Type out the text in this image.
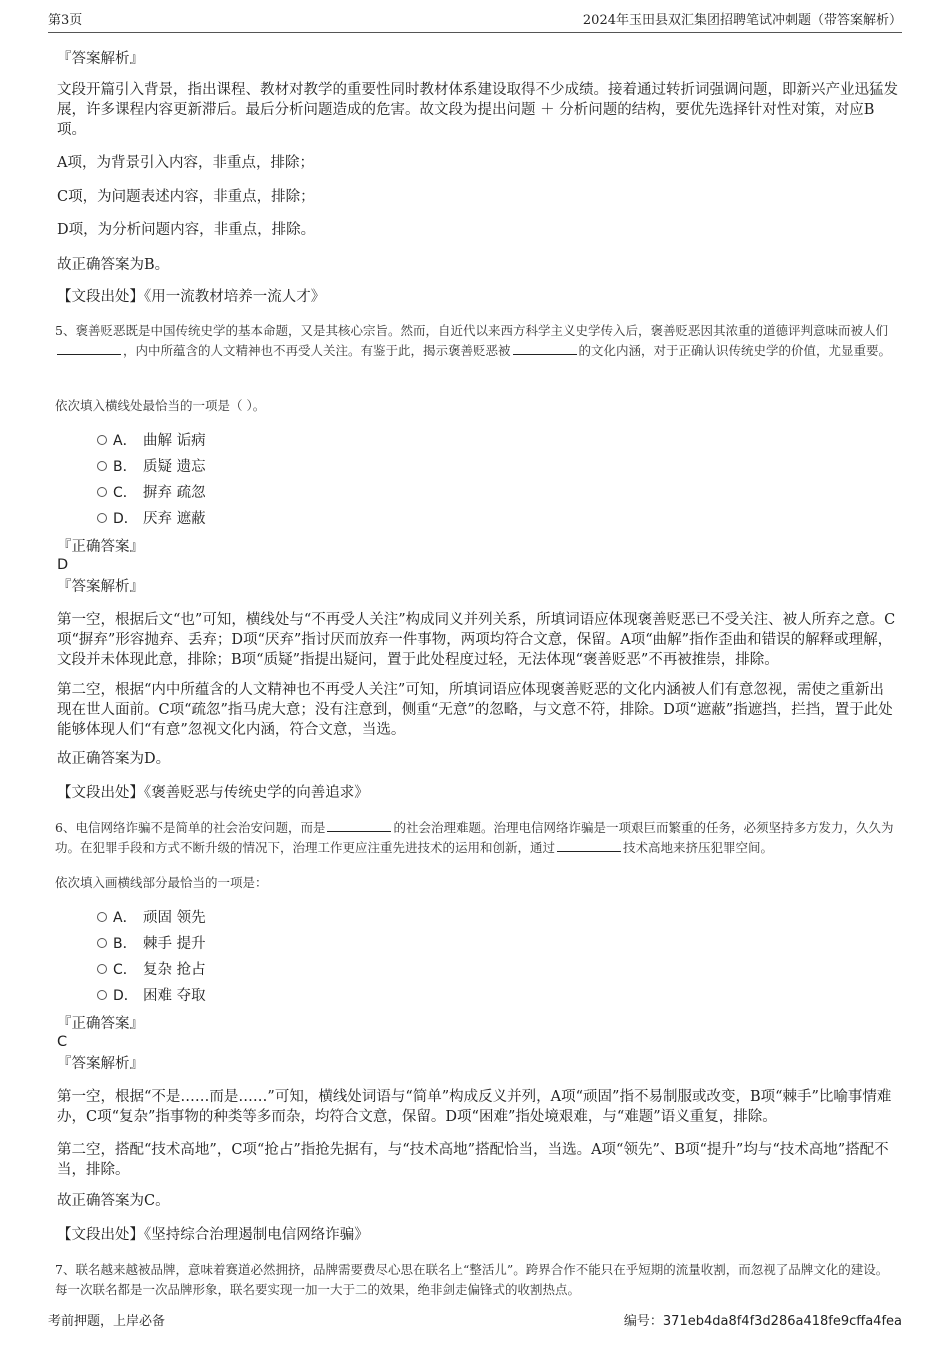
第3页	2024年玉田县双汇集团招聘笔试冲刺题（带答案解析）

『答案解析』

文段开篇引入背景，指出课程、教材对教学的重要性同时教材体系建设取得不少成绩。接着通过转折词强调问题，即新兴产业迅猛发展，许多课程内容更新滞后。最后分析问题造成的危害。故文段为提出问题 ＋ 分析问题的结构，要优先选择针对性对策，对应B项。

A项，为背景引入内容，非重点，排除；

C项，为问题表述内容，非重点，排除；

D项，为分析问题内容，非重点，排除。

故正确答案为B。

【文段出处】《用一流教材培养一流人才》

5、褒善贬恶既是中国传统史学的基本命题，又是其核心宗旨。然而，自近代以来西方科学主义史学传入后，褒善贬恶因其浓重的道德评判意味而被人们，内中所蕴含的人文精神也不再受人关注。有鉴于此，揭示褒善贬恶被	的文化内涵，对于正确认识传统史学的价值，尤显重要。

依次填入横线处最恰当的一项是（ ）。

A． 曲解 诟病
B． 质疑 遗忘
C． 摒弃 疏忽
D． 厌弃 遮蔽

『正确答案』

D

『答案解析』

第一空，根据后文“也”可知，横线处与“不再受人关注”构成同义并列关系，所填词语应体现褒善贬恶已不受关注、被人所弃之意。C项“摒弃”形容抛弃、丢弃；D项“厌弃”指讨厌而放弃一件事物，两项均符合文意，保留。A项“曲解”指作歪曲和错误的解释或理解，文段并未体现此意，排除；B项“质疑”指提出疑问，置于此处程度过轻，无法体现“褒善贬恶”不再被推崇，排除。

第二空，根据“内中所蕴含的人文精神也不再受人关注”可知，所填词语应体现褒善贬恶的文化内涵被人们有意忽视，需使之重新出现在世人面前。C项“疏忽”指马虎大意；没有注意到，侧重“无意”的忽略，与文意不符，排除。D项“遮蔽”指遮挡，拦挡，置于此处能够体现人们“有意”忽视文化内涵，符合文意，当选。

故正确答案为D。

【文段出处】《褒善贬恶与传统史学的向善追求》

6、电信网络诈骗不是简单的社会治安问题，而是	的社会治理难题。治理电信网络诈骗是一项艰巨而繁重的任务，必须坚持多方发力，久久为功。在犯罪手段和方式不断升级的情况下，治理工作更应注重先进技术的运用和创新，通过	技术高地来挤压犯罪空间。

依次填入画横线部分最恰当的一项是：

A． 顽固 领先
B． 棘手 提升
C． 复杂 抢占
D． 困难 夺取

『正确答案』

C

『答案解析』

第一空，根据“不是……而是……”可知，横线处词语与“简单”构成反义并列，A项“顽固”指不易制服或改变，B项“棘手”比喻事情难办，C项“复杂”指事物的种类等多而杂，均符合文意，保留。D项“困难”指处境艰难，与“难题”语义重复，排除。

第二空，搭配“技术高地”，C项“抢占”指抢先据有，与“技术高地”搭配恰当，当选。A项“领先”、B项“提升”均与“技术高地”搭配不当，排除。

故正确答案为C。

【文段出处】《坚持综合治理遏制电信网络诈骗》

7、联名越来越被品牌，意味着赛道必然拥挤，品牌需要费尽心思在联名上“整活儿”。跨界合作不能只在乎短期的流量收割，而忽视了品牌文化的建设。每一次联名都是一次品牌形象，联名要实现一加一大于二的效果，绝非剑走偏锋式的收割热点。

考前押题，上岸必备	编号：371eb4da8f4f3d286a418fe9cffa4fea
